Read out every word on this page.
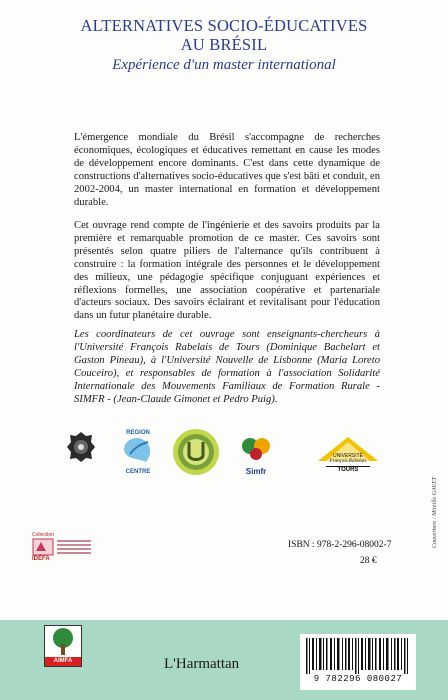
ALTERNATIVES SOCIO-ÉDUCATIVES
AU BRÉSIL
Expérience d'un master international
L'émergence mondiale du Brésil s'accompagne de recherches économiques, écologiques et éducatives remettant en cause les modes de développement encore dominants. C'est dans cette dynamique de constructions d'alternatives socio-éducatives que s'est bâti et conduit, en 2002-2004, un master international en formation et développement durable.
Cet ouvrage rend compte de l'ingénierie et des savoirs produits par la première et remarquable promotion de ce master. Ces savoirs sont présentés selon quatre piliers de l'alternance qu'ils contribuent à construire : la formation intégrale des personnes et le développement des milieux, une pédagogie spécifique conjuguant expériences et réflexions formelles, une association coopérative et partenariale d'acteurs sociaux. Des savoirs éclairant et revitalisant pour l'éducation dans un futur planétaire durable.
Les coordinateurs de cet ouvrage sont enseignants-chercheurs à l'Université François Rabelais de Tours (Dominique Bachelart et Gaston Pineau), à l'Université Nouvelle de Lisbonne (Maria Loreto Couceiro), et responsables de formation à l'association Solidarité Internationale des Mouvements Familiaux de Formation Rurale - SIMFR - (Jean-Claude Gimonet et Pedro Puig).
REGION
CENTRE	Simfr
UNIVERSITÉ
François Rabelais
TOURS
Couverture : Mireille GAVET
Collection
IDÉFA
ISBN : 978-2-296-08002-7
28 €
AIMFA	L'Harmattan
9 782296 080027
